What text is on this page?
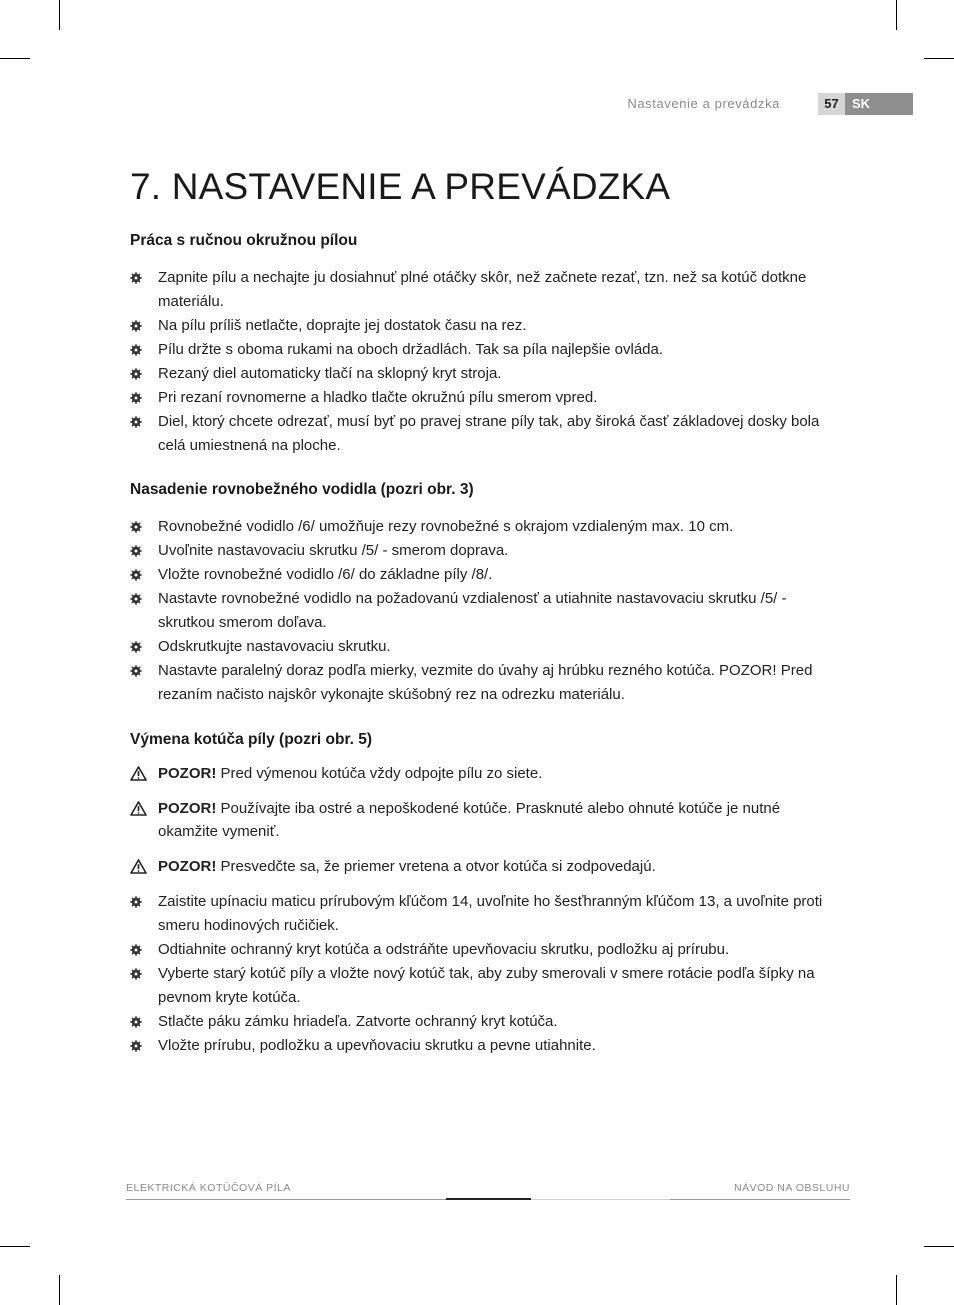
Nastavenie a prevádzka	57	SK
7. NASTAVENIE A PREVÁDZKA
Práca s ručnou okružnou pílou
Zapnite pílu a nechajte ju dosiahnuť plné otáčky skôr, než začnete rezať, tzn. než sa kotúč dotkne materiálu.
Na pílu príliš netlačte, doprajte jej dostatok času na rez.
Pílu držte s oboma rukami na oboch držadlách. Tak sa píla najlepšie ovláda.
Rezaný diel automaticky tlačí na sklopný kryt stroja.
Pri rezaní rovnomerne a hladko tlačte okružnú pílu smerom vpred.
Diel, ktorý chcete odrezať, musí byť po pravej strane píly tak, aby široká časť základovej dosky bola celá umiestnená na ploche.
Nasadenie rovnobežného vodidla (pozri obr. 3)
Rovnobežné vodidlo /6/ umožňuje rezy rovnobežné s okrajom vzdialeným max. 10 cm.
Uvoľnite nastavovaciu skrutku /5/ - smerom doprava.
Vložte rovnobežné vodidlo /6/ do základne píly /8/.
Nastavte rovnobežné vodidlo na požadovanú vzdialenosť a utiahnite nastavovaciu skrutku /5/ - skrutkou smerom doľava.
Odskrutkujte nastavovaciu skrutku.
Nastavte paralelný doraz podľa mierky, vezmite do úvahy aj hrúbku rezného kotúča. POZOR! Pred rezaním načisto najskôr vykonajte skúšobný rez na odrezku materiálu.
Výmena kotúča píly (pozri obr. 5)
POZOR! Pred výmenou kotúča vždy odpojte pílu zo siete.
POZOR! Používajte iba ostré a nepoškodené kotúče. Prasknuté alebo ohnuté kotúče je nutné okamžite vymeniť.
POZOR! Presvedčte sa, že priemer vretena a otvor kotúča si zodpovedajú.
Zaistite upínaciu maticu prírubovým kľúčom 14, uvoľnite ho šesťhranným kľúčom 13, a uvoľnite proti smeru hodinových ručičiek.
Odtiahnite ochranný kryt kotúča a odstráňte upevňovaciu skrutku, podložku aj prírubu.
Vyberte starý kotúč píly a vložte nový kotúč tak, aby zuby smerovali v smere rotácie podľa šípky na pevnom kryte kotúča.
Stlačte páku zámku hriadeľa. Zatvorte ochranný kryt kotúča.
Vložte prírubu, podložku a upevňovaciu skrutku a pevne utiahnite.
ELEKTRICKÁ KOTÚČOVÁ PÍLA	NÁVOD NA OBSLUHU
